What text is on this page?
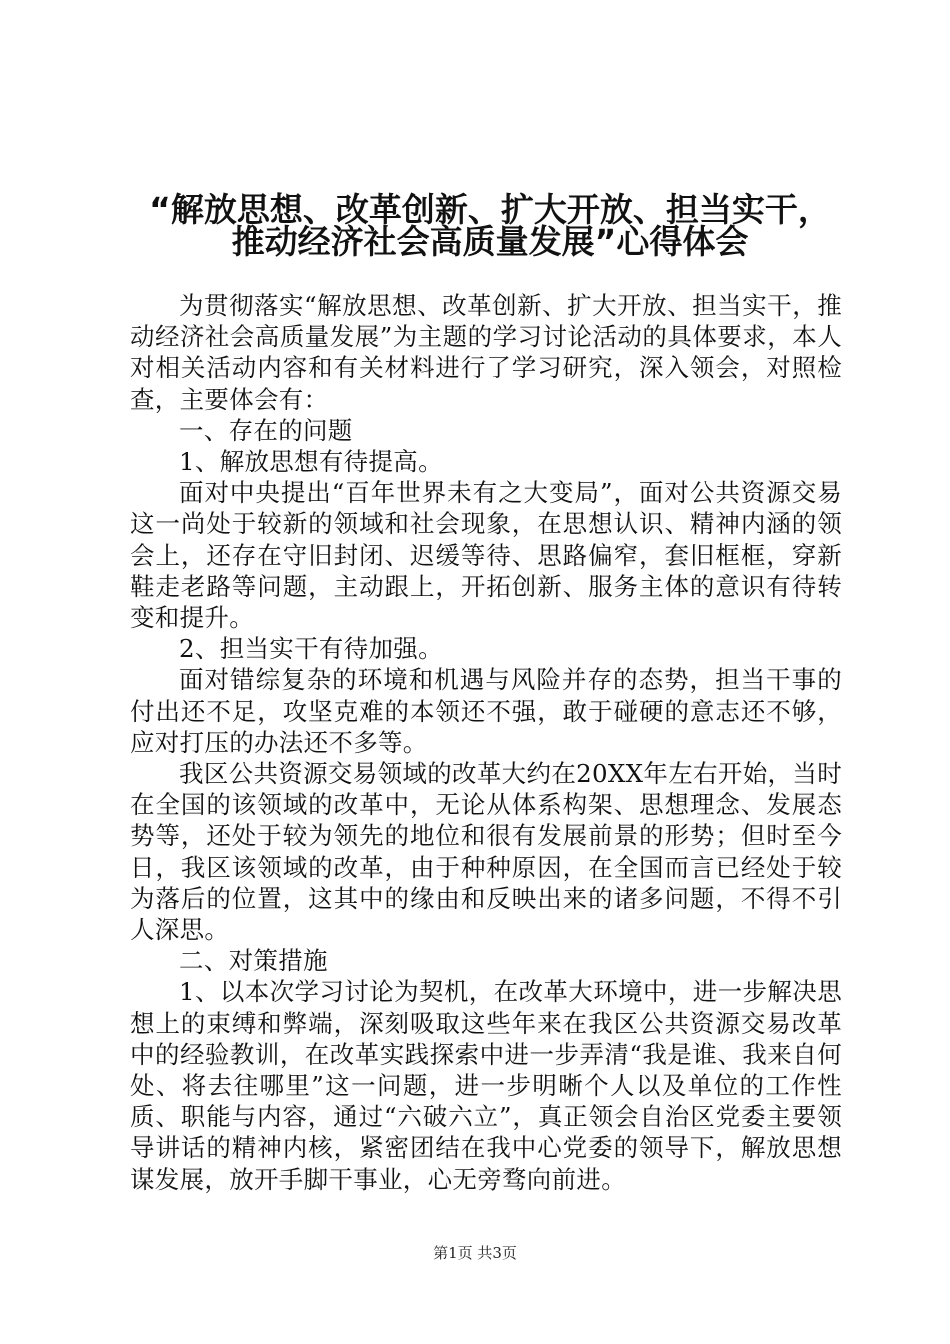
“解放思想、改革创新、扩大开放、担当实干，
推动经济社会高质量发展”心得体会

为贯彻落实“解放思想、改革创新、扩大开放、担当实干，推动经济社会高质量发展”为主题的学习讨论活动的具体要求，本人对相关活动内容和有关材料进行了学习研究，深入领会，对照检查，主要体会有：

一、存在的问题

1、解放思想有待提高。

面对中央提出“百年世界未有之大变局”，面对公共资源交易这一尚处于较新的领域和社会现象，在思想认识、精神内涵的领会上，还存在守旧封闭、迟缓等待、思路偏窄，套旧框框，穿新鞋走老路等问题，主动跟上，开拓创新、服务主体的意识有待转变和提升。

2、担当实干有待加强。

面对错综复杂的环境和机遇与风险并存的态势，担当干事的付出还不足，攻坚克难的本领还不强，敢于碰硬的意志还不够，应对打压的办法还不多等。

我区公共资源交易领域的改革大约在20XX年左右开始，当时在全国的该领域的改革中，无论从体系构架、思想理念、发展态势等，还处于较为领先的地位和很有发展前景的形势；但时至今日，我区该领域的改革，由于种种原因，在全国而言已经处于较为落后的位置，这其中的缘由和反映出来的诸多问题，不得不引人深思。

二、对策措施

1、以本次学习讨论为契机，在改革大环境中，进一步解决思想上的束缚和弊端，深刻吸取这些年来在我区公共资源交易改革中的经验教训，在改革实践探索中进一步弄清“我是谁、我来自何处、将去往哪里”这一问题，进一步明晰个人以及单位的工作性质、职能与内容，通过“六破六立”，真正领会自治区党委主要领导讲话的精神内核，紧密团结在我中心党委的领导下，解放思想谋发展，放开手脚干事业，心无旁骛向前进。

第1页 共3页
